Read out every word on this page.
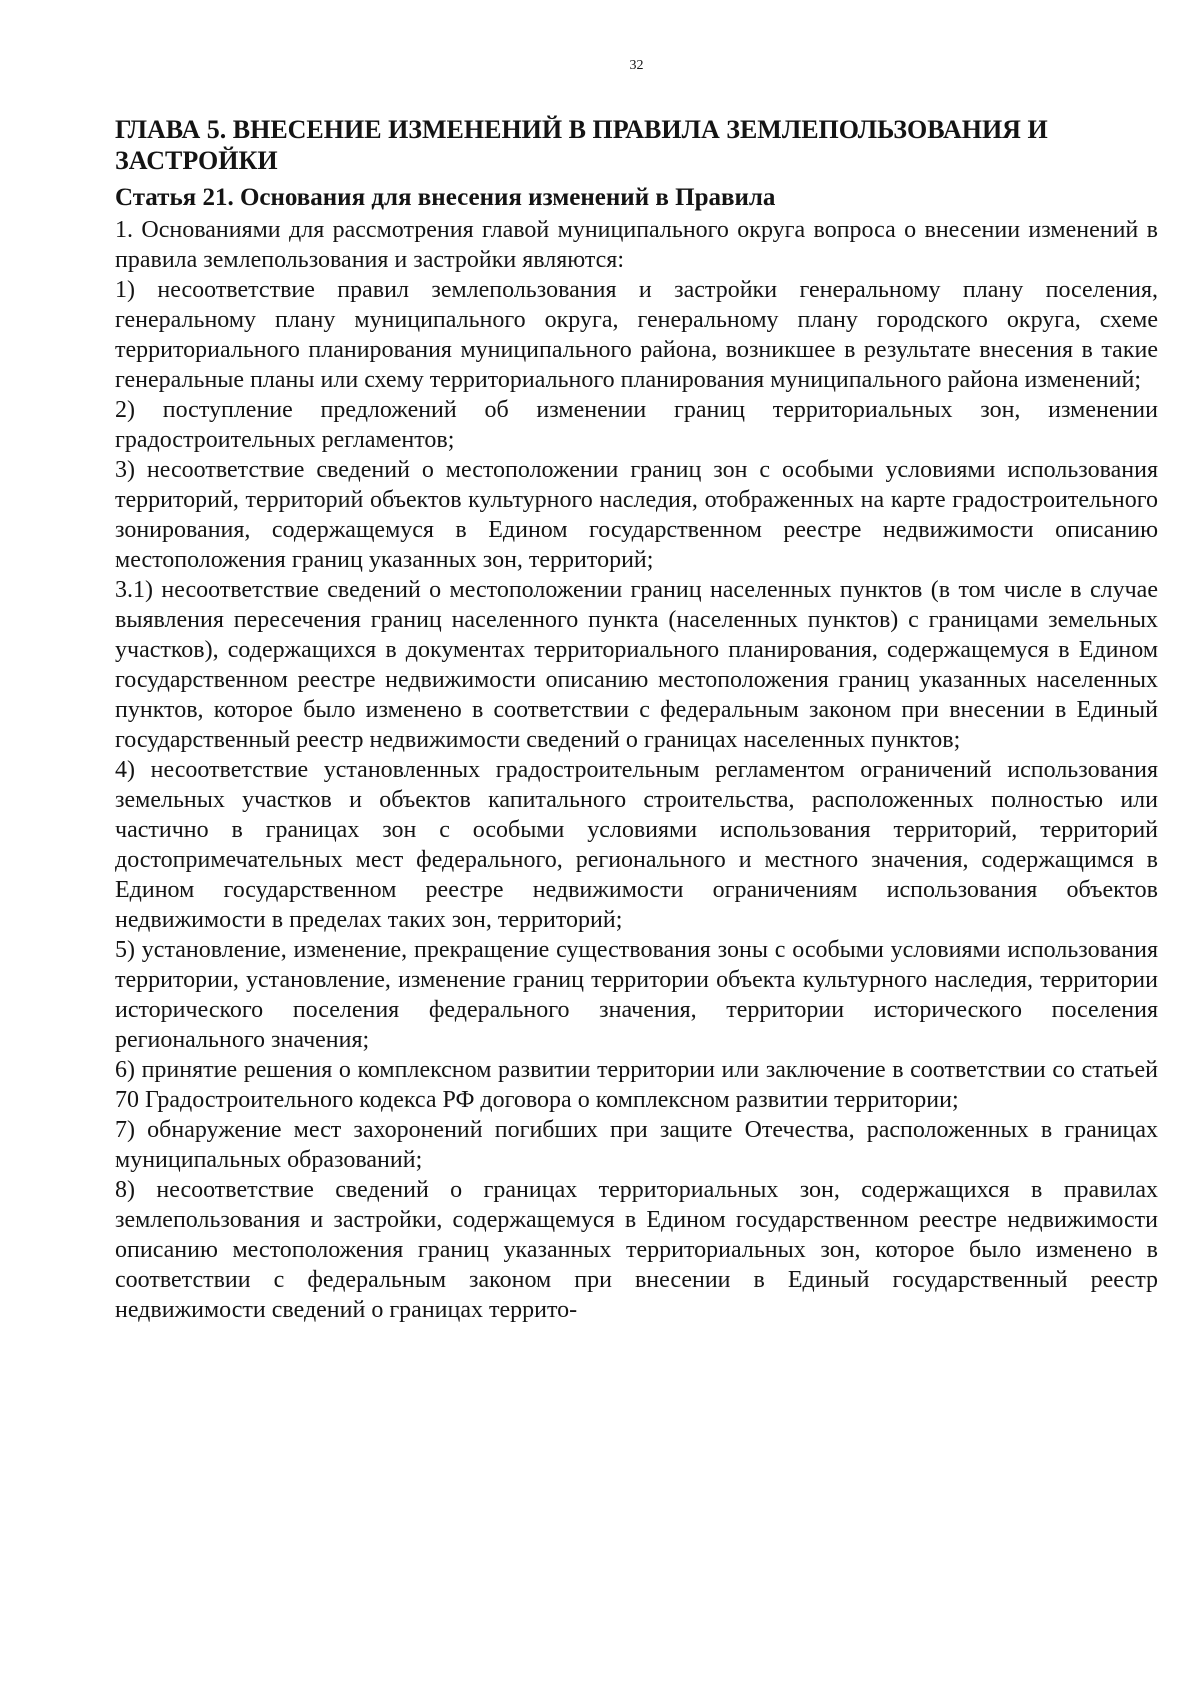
32
ГЛАВА 5. ВНЕСЕНИЕ ИЗМЕНЕНИЙ В ПРАВИЛА ЗЕМЛЕПОЛЬЗОВАНИЯ И ЗАСТРОЙКИ
Статья 21. Основания для внесения изменений в Правила

1. Основаниями для рассмотрения главой муниципального округа вопроса о внесении изменений в правила землепользования и застройки являются:

1) несоответствие правил землепользования и застройки генеральному плану поселения, генеральному плану муниципального округа, генеральному плану городского округа, схеме территориального планирования муниципального района, возникшее в результате внесения в такие генеральные планы или схему территориального планирования муниципального района изменений;

2) поступление предложений об изменении границ территориальных зон, изменении градостроительных регламентов;

3) несоответствие сведений о местоположении границ зон с особыми условиями использования территорий, территорий объектов культурного наследия, отображенных на карте градостроительного зонирования, содержащемуся в Едином государственном реестре недвижимости описанию местоположения границ указанных зон, территорий;

3.1) несоответствие сведений о местоположении границ населенных пунктов (в том числе в случае выявления пересечения границ населенного пункта (населенных пунктов) с границами земельных участков), содержащихся в документах территориального планирования, содержащемуся в Едином государственном реестре недвижимости описанию местоположения границ указанных населенных пунктов, которое было изменено в соответствии с федеральным законом при внесении в Единый государственный реестр недвижимости сведений о границах населенных пунктов;

4) несоответствие установленных градостроительным регламентом ограничений использования земельных участков и объектов капитального строительства, расположенных полностью или частично в границах зон с особыми условиями использования территорий, территорий достопримечательных мест федерального, регионального и местного значения, содержащимся в Едином государственном реестре недвижимости ограничениям использования объектов недвижимости в пределах таких зон, территорий;

5) установление, изменение, прекращение существования зоны с особыми условиями использования территории, установление, изменение границ территории объекта культурного наследия, территории исторического поселения федерального значения, территории исторического поселения регионального значения;

6) принятие решения о комплексном развитии территории или заключение в соответствии со статьей 70 Градостроительного кодекса РФ договора о комплексном развитии территории;

7) обнаружение мест захоронений погибших при защите Отечества, расположенных в границах муниципальных образований;

8) несоответствие сведений о границах территориальных зон, содержащихся в правилах землепользования и застройки, содержащемуся в Едином государственном реестре недвижимости описанию местоположения границ указанных территориальных зон, которое было изменено в соответствии с федеральным законом при внесении в Единый государственный реестр недвижимости сведений о границах террито-
